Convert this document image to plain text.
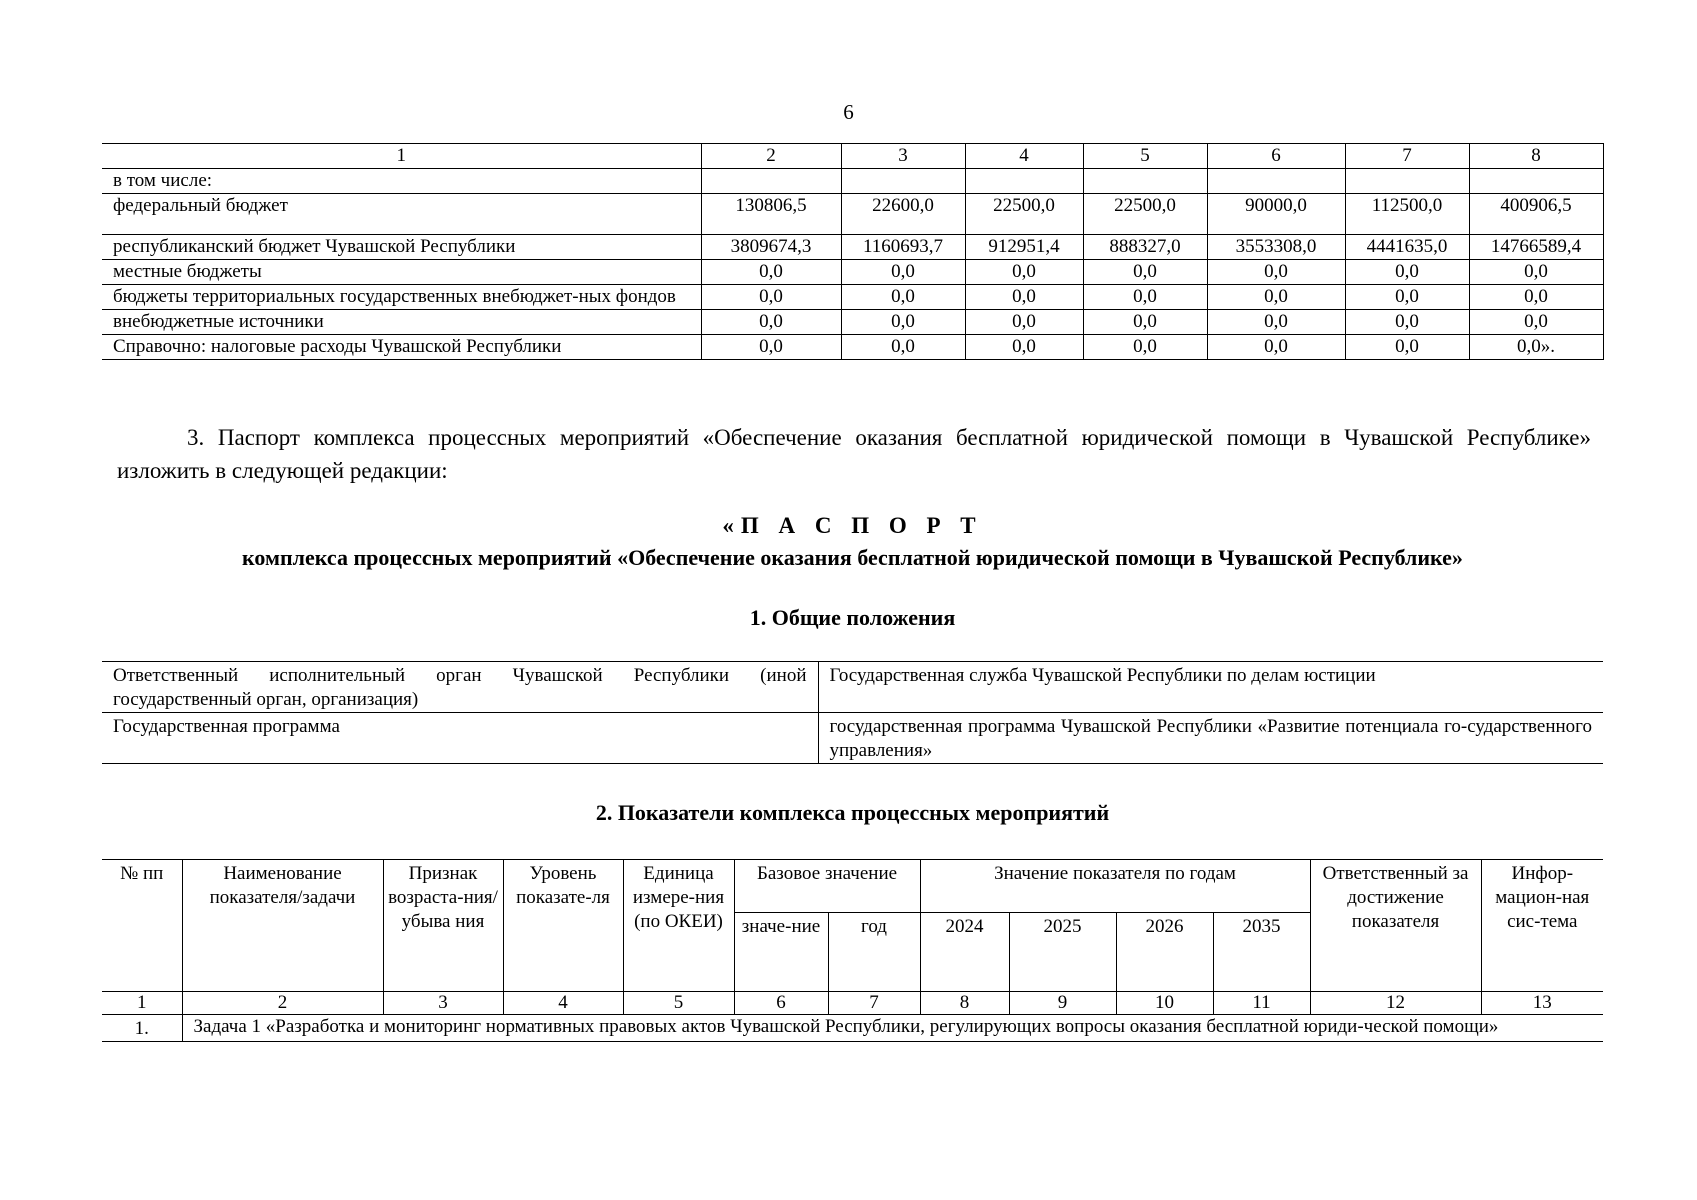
6
1	2	3	4	5	6	7	8
в том числе:							
федеральный бюджет	130806,5	22600,0	22500,0	22500,0	90000,0	112500,0	400906,5
республиканский бюджет Чувашской Республики	3809674,3	1160693,7	912951,4	888327,0	3553308,0	4441635,0	14766589,4
местные бюджеты	0,0	0,0	0,0	0,0	0,0	0,0	0,0
бюджеты территориальных государственных внебюджет-ных фондов	0,0	0,0	0,0	0,0	0,0	0,0	0,0
внебюджетные источники	0,0	0,0	0,0	0,0	0,0	0,0	0,0
Справочно: налоговые расходы Чувашской Республики	0,0	0,0	0,0	0,0	0,0	0,0	0,0».
3. Паспорт комплекса процессных мероприятий «Обеспечение оказания бесплатной юридической помощи в Чувашской Республике» изложить в следующей редакции:
«П А С П О Р Т
комплекса процессных мероприятий «Обеспечение оказания бесплатной юридической помощи в Чувашской Республике»
1. Общие положения
Ответственный исполнительный орган Чувашской Республики (иной государственный орган, организация)	Государственная служба Чувашской Республики по делам юстиции
Государственная программа	государственная программа Чувашской Республики «Развитие потенциала го-сударственного управления»
2. Показатели комплекса процессных мероприятий
№ пп	Наименование показателя/задачи	Признак возраста-ния/убыва ния	Уровень показате-ля	Единица измере-ния (по ОКЕИ)	Базовое значение		Значение показателя по годам				Ответственный за достижение показателя	Инфор-мацион-ная сис-тема
					значе-ние	год	2024	2025	2026	2035		
1	2	3	4	5	6	7	8	9	10	11	12	13
1.	Задача 1 «Разработка и мониторинг нормативных правовых актов Чувашской Республики, регулирующих вопросы оказания бесплатной юриди-ческой помощи»											
